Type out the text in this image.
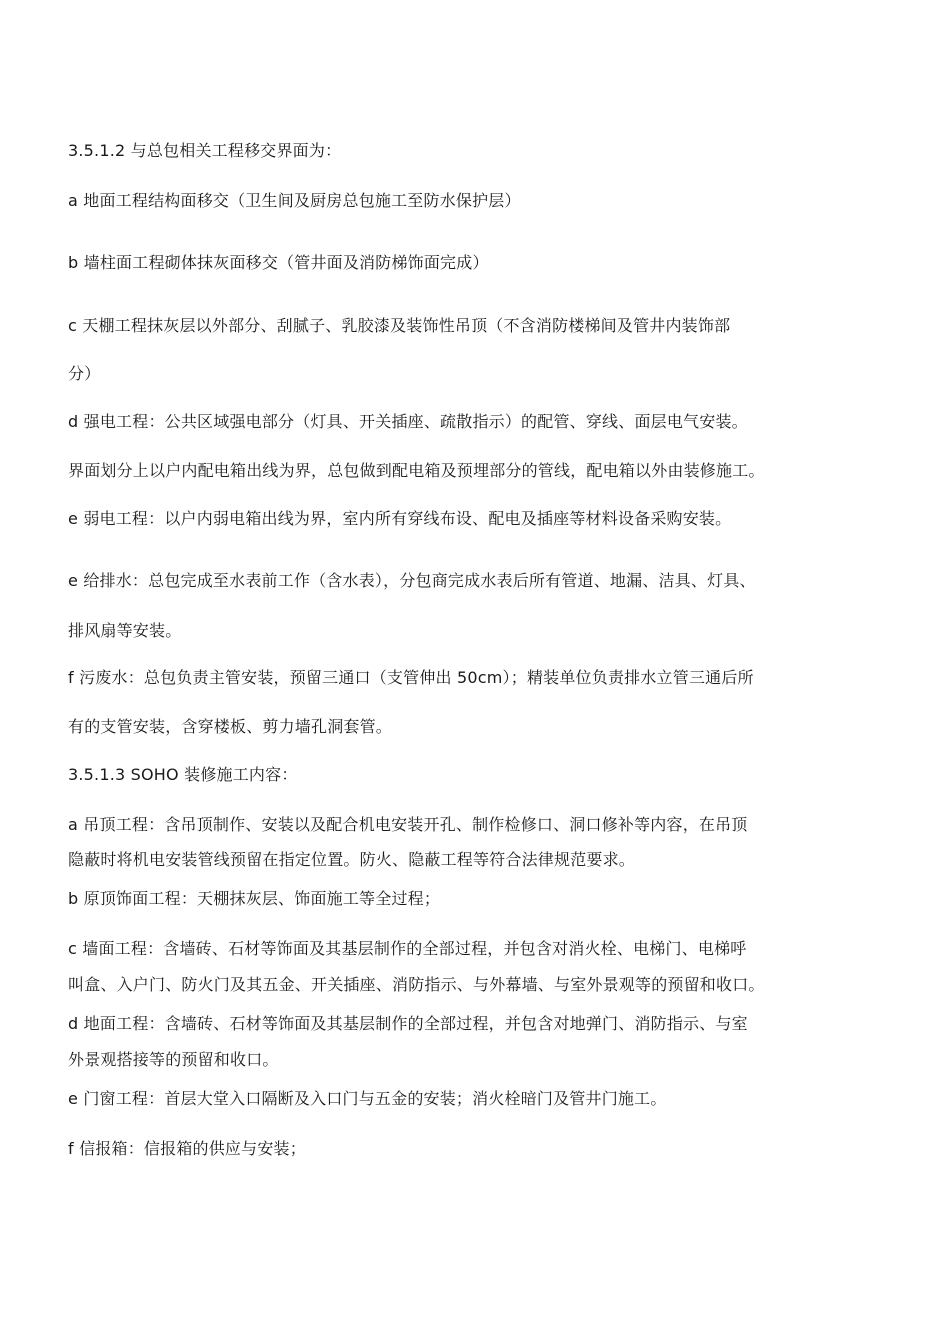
3.5.1.2 与总包相关工程移交界面为：
a 地面工程结构面移交（卫生间及厨房总包施工至防水保护层）
b 墙柱面工程砌体抹灰面移交（管井面及消防梯饰面完成）
c 天棚工程抹灰层以外部分、刮腻子、乳胶漆及装饰性吊顶（不含消防楼梯间及管井内装饰部
分）
d 强电工程：公共区域强电部分（灯具、开关插座、疏散指示）的配管、穿线、面层电气安装。
界面划分上以户内配电箱出线为界，总包做到配电箱及预埋部分的管线，配电箱以外由装修施工。
e 弱电工程：以户内弱电箱出线为界，室内所有穿线布设、配电及插座等材料设备采购安装。
e 给排水：总包完成至水表前工作（含水表），分包商完成水表后所有管道、地漏、洁具、灯具、
排风扇等安装。
f 污废水：总包负责主管安装，预留三通口（支管伸出 50cm）；精装单位负责排水立管三通后所
有的支管安装，含穿楼板、剪力墙孔洞套管。
3.5.1.3 SOHO 装修施工内容：
a 吊顶工程：含吊顶制作、安装以及配合机电安装开孔、制作检修口、洞口修补等内容，在吊顶
隐蔽时将机电安装管线预留在指定位置。防火、隐蔽工程等符合法律规范要求。
b 原顶饰面工程：天棚抹灰层、饰面施工等全过程；
c 墙面工程：含墙砖、石材等饰面及其基层制作的全部过程，并包含对消火栓、电梯门、电梯呼
叫盒、入户门、防火门及其五金、开关插座、消防指示、与外幕墙、与室外景观等的预留和收口。
d 地面工程：含墙砖、石材等饰面及其基层制作的全部过程，并包含对地弹门、消防指示、与室
外景观搭接等的预留和收口。
e 门窗工程：首层大堂入口隔断及入口门与五金的安装；消火栓暗门及管井门施工。
f 信报箱：信报箱的供应与安装；
